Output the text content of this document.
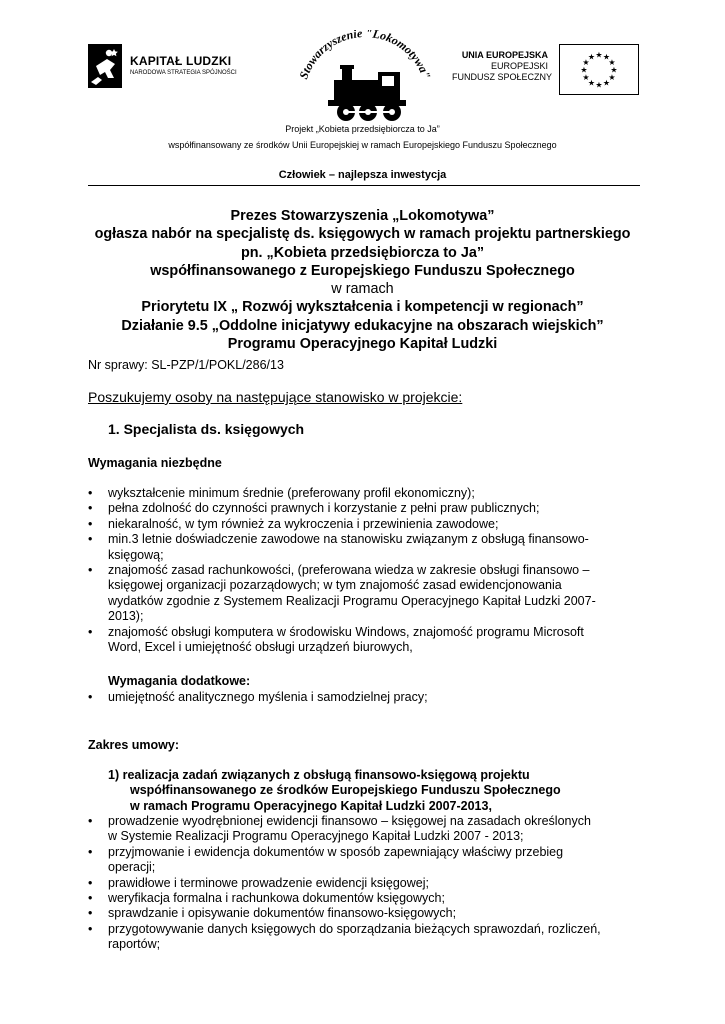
KAPITAŁ LUDZKI
NARODOWA STRATEGIA SPÓJNOŚCI	Stowarzyszenie "Lokomotywa"
UNIA EUROPEJSKA
EUROPEJSKI
FUNDUSZ SPOŁECZNY
★ ★
★
★
★
★
★
★
★
★
★
★
Projekt „Kobieta przedsiębiorcza to Ja”
współfinansowany ze środków Unii Europejskiej w ramach Europejskiego Funduszu Społecznego
Człowiek – najlepsza inwestycja
Prezes Stowarzyszenia „Lokomotywa”
ogłasza nabór na specjalistę ds. księgowych w ramach projektu partnerskiego
pn. „Kobieta przedsiębiorcza to Ja”
współfinansowanego z Europejskiego Funduszu Społecznego
w ramach
Priorytetu IX „ Rozwój wykształcenia i kompetencji w regionach”
Działanie 9.5 „Oddolne inicjatywy edukacyjne na obszarach wiejskich”
Programu Operacyjnego Kapitał Ludzki
Nr sprawy: SL-PZP/1/POKL/286/13
Poszukujemy osoby na następujące stanowisko w projekcie:
1. Specjalista ds. księgowych
Wymagania niezbędne
• wykształcenie minimum średnie (preferowany profil ekonomiczny);
• pełna zdolność do czynności prawnych i korzystanie z pełni praw publicznych;
• niekaralność, w tym również za wykroczenia i przewinienia zawodowe;
• min.3 letnie doświadczenie zawodowe na stanowisku związanym z obsługą finansowo-
księgową;
• znajomość zasad rachunkowości, (preferowana wiedza w zakresie obsługi finansowo –
księgowej organizacji pozarządowych; w tym znajomość zasad ewidencjonowania
wydatków zgodnie z Systemem Realizacji Programu Operacyjnego Kapitał Ludzki 2007-
2013);
• znajomość obsługi komputera w środowisku Windows, znajomość programu Microsoft
Word, Excel i umiejętność obsługi urządzeń biurowych,
Wymagania dodatkowe:
• umiejętność analitycznego myślenia i samodzielnej pracy;
Zakres umowy:
1) realizacja zadań związanych z obsługą finansowo-księgową projektu
współfinansowanego ze środków Europejskiego Funduszu Społecznego
w ramach Programu Operacyjnego Kapitał Ludzki 2007-2013,
• prowadzenie wyodrębnionej ewidencji finansowo – księgowej na zasadach określonych
w Systemie Realizacji Programu Operacyjnego Kapitał Ludzki 2007 - 2013;
• przyjmowanie i ewidencja dokumentów w sposób zapewniający właściwy przebieg
operacji;
• prawidłowe i terminowe prowadzenie ewidencji księgowej;
• weryfikacja formalna i rachunkowa dokumentów księgowych;
• sprawdzanie i opisywanie dokumentów finansowo-księgowych;
• przygotowywanie danych księgowych do sporządzania bieżących sprawozdań, rozliczeń,
raportów;
